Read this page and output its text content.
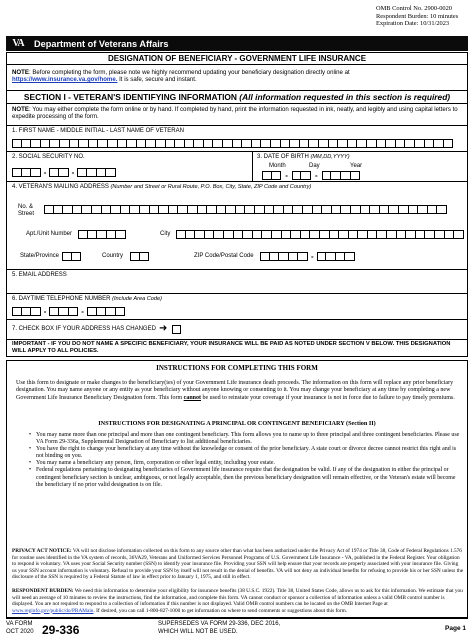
OMB Control No. 2900-0020
Respondent Burden: 10 minutes
Expiration Date: 10/31/2023
VA	Department of Veterans Affairs
DESIGNATION OF BENEFICIARY - GOVERNMENT LIFE INSURANCE
NOTE: Before completing the form, please note we highly recommend updating your beneficiary designation directly online at
https://www.insurance.va.gov/home. It is safe, secure and instant.
SECTION I - VETERAN'S IDENTIFYING INFORMATION (All information requested in this section is required)
NOTE: You may either complete the form online or by hand. If completed by hand, print the information requested in ink, neatly, and legibly and using capital letters to expedite processing of the form.
1. FIRST NAME - MIDDLE INITIAL - LAST NAME OF VETERAN
2. SOCIAL SECURITY NO.
-	-
3. DATE OF BIRTH (MM,DD,YYYY)
Month	Day	Year
-	-
4. VETERAN'S MAILING ADDRESS (Number and Street or Rural Route, P.O. Box, City, State, ZIP Code and Country)
No. &
Street
Apt./Unit Number	City
State/Province	Country	ZIP Code/Postal Code	-
5. EMAIL ADDRESS
6. DAYTIME TELEPHONE NUMBER (Include Area Code)
-	-
7. CHECK BOX IF YOUR ADDRESS HAS CHANGED ➜
IMPORTANT - IF YOU DO NOT NAME A SPECIFIC BENEFICIARY, YOUR INSURANCE WILL BE PAID AS NOTED UNDER SECTION V BELOW. THIS DESIGNATION WILL APPLY TO ALL POLICIES.
INSTRUCTIONS FOR COMPLETING THIS FORM
Use this form to designate or make changes to the beneficiary(ies) of your Government Life insurance death proceeds. The information on this form will replace any prior beneficiary designation. You may name anyone or any entity as your beneficiary without anyone knowing or consenting to it. You may change your beneficiary at any time by completing a new Government Life Insurance Beneficiary Designation form. This form cannot be used to reinstate your coverage if your insurance is not in force due to failure to pay timely premiums.
INSTRUCTIONS FOR DESIGNATING A PRINCIPAL OR CONTINGENT BENEFICIARY (Section II)
• You may name more than one principal and more than one contingent beneficiary. This form allows you to name up to three principal and three contingent beneficiaries. Please use VA Form 29-336a, Supplemental Designation of Beneficiary to list additional beneficiaries.
• You have the right to change your beneficiary at any time without the knowledge or consent of the prior beneficiary. A state court or divorce decree cannot restrict this right and is not binding on you.
• You may name a beneficiary any person, firm, corporation or other legal entity, including your estate.
• Federal regulations pertaining to designating beneficiaries of Government life insurance require that the designation be valid. If any of the designation in either the principal or contingent beneficiary section is unclear, ambiguous, or not legally acceptable, then the previous beneficiary designation will remain effective, or the Veteran's estate will become the beneficiary if no prior valid designation is on file.
PRIVACY ACT NOTICE: VA will not disclose information collected on this form to any source other than what has been authorized under the Privacy Act of 1974 or Title 38, Code of Federal Regulations 1.576 for routine uses identified in the VA system of records, 36VA29, Veterans and Uniformed Services Personnel Programs of U.S. Government Life Insurance - VA, published in the Federal Register. Your obligation to respond is voluntary. VA uses your Social Security number (SSN) to identify your insurance file. Providing your SSN will help ensure that your records are properly associated with your insurance file. Giving us your SSN account information is voluntary. Refusal to provide your SSN by itself will not result in the denial of benefits. VA will not deny an individual benefits for refusing to provide his or her SSN unless the disclosure of the SSN is required by a Federal Statute of law in effect prior to January 1, 1975, and still in effect.
RESPONDENT BURDEN: We need this information to determine your eligibility for insurance benefits (38 U.S.C. 1922). Title 38, United States Code, allows us to ask for this information. We estimate that you will need an average of 10 minutes to review the instructions, find the information, and complete this form. VA cannot conduct or sponsor a collection of information unless a valid OMB control number is displayed. You are not required to respond to a collection of information if this number is not displayed. Valid OMB control numbers can be located on the OMB Internet Page at www.reginfo.gov/public/do/PRAMain. If desired, you can call 1-800-827-1000 to get information on where to send comments or suggestions about this form.
VA FORM
OCT 2020 29-336	SUPERSEDES VA FORM 29-336, DEC 2016,
WHICH WILL NOT BE USED.	Page 1
